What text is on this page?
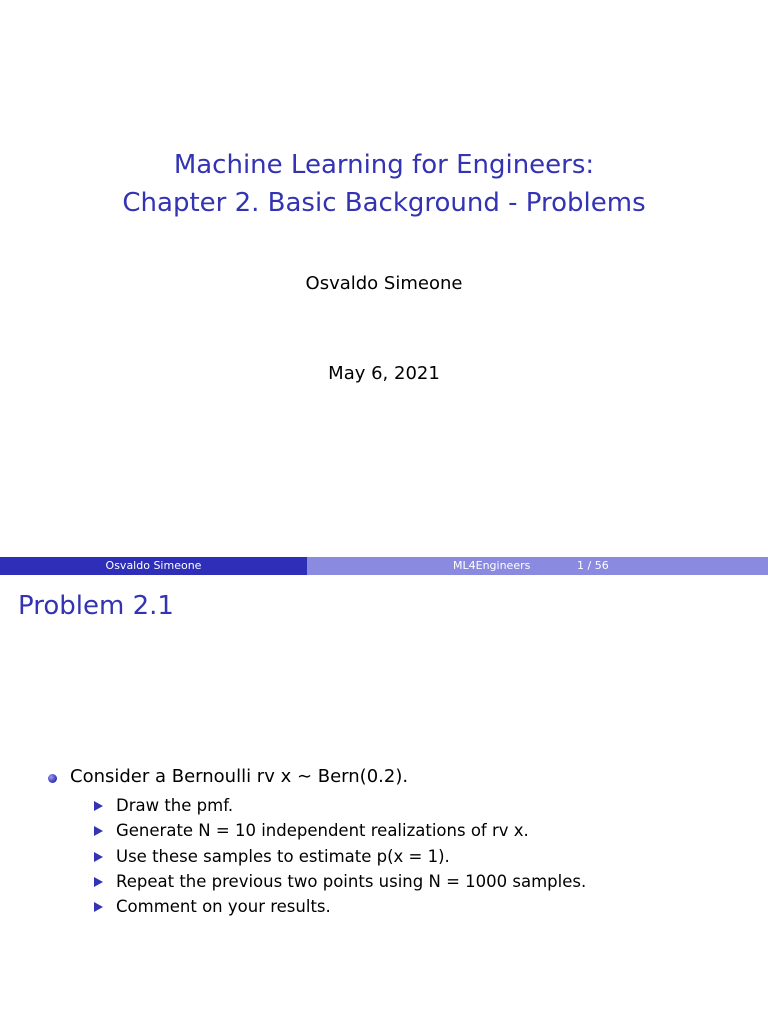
Machine Learning for Engineers:
Chapter 2. Basic Background - Problems
Osvaldo Simeone
May 6, 2021
Osvaldo Simeone	ML4Engineers	1 / 56
Problem 2.1
Consider a Bernoulli rv x ∼ Bern(0.2).
Draw the pmf.
Generate N = 10 independent realizations of rv x.
Use these samples to estimate p(x = 1).
Repeat the previous two points using N = 1000 samples.
Comment on your results.
